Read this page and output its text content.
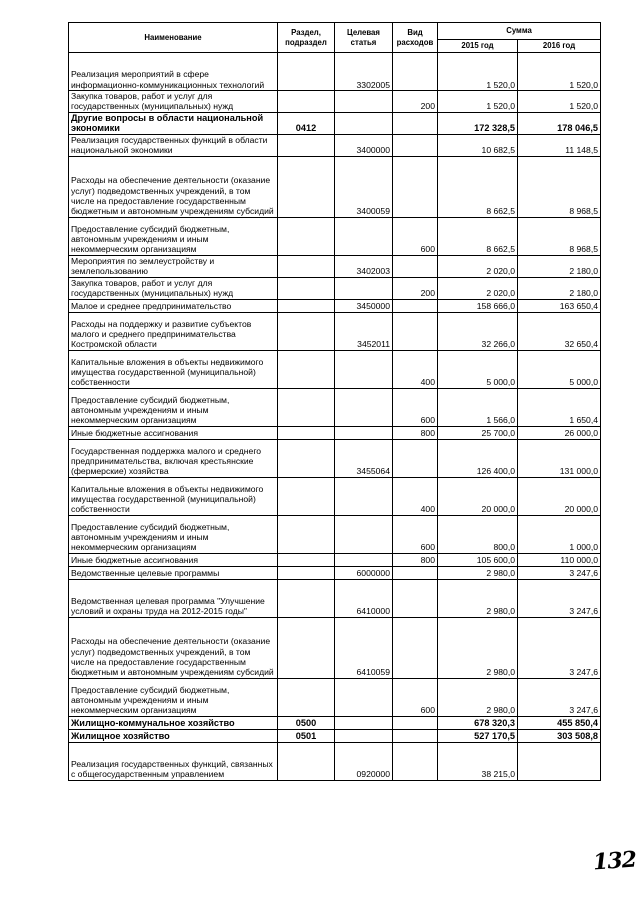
Наименование	Раздел, подраздел	Целевая статья	Вид расходов	Сумма	
				2015 год	2016 год
Реализация мероприятий в сфере информационно-коммуникационных технологий		3302005		1 520,0	1 520,0
Закупка товаров, работ и услуг для государственных (муниципальных) нужд			200	1 520,0	1 520,0
Другие вопросы в области национальной экономики	0412			172 328,5	178 046,5
Реализация государственных функций в области национальной экономики		3400000		10 682,5	11 148,5
Расходы на обеспечение деятельности (оказание услуг) подведомственных учреждений, в том числе на предоставление государственным бюджетным и автономным учреждениям субсидий		3400059		8 662,5	8 968,5
Предоставление субсидий бюджетным, автономным учреждениям и иным некоммерческим организациям			600	8 662,5	8 968,5
Мероприятия по землеустройству и землепользованию		3402003		2 020,0	2 180,0
Закупка товаров, работ и услуг для государственных (муниципальных) нужд			200	2 020,0	2 180,0
Малое и среднее предпринимательство		3450000		158 666,0	163 650,4
Расходы на поддержку и развитие субъектов малого и среднего предпринимательства Костромской области		3452011		32 266,0	32 650,4
Капитальные вложения в объекты недвижимого имущества государственной (муниципальной) собственности			400	5 000,0	5 000,0
Предоставление субсидий бюджетным, автономным учреждениям и иным некоммерческим организациям			600	1 566,0	1 650,4
Иные бюджетные ассигнования			800	25 700,0	26 000,0
Государственная поддержка малого и среднего предпринимательства, включая крестьянские (фермерские) хозяйства		3455064		126 400,0	131 000,0
Капитальные вложения в объекты недвижимого имущества государственной (муниципальной) собственности			400	20 000,0	20 000,0
Предоставление субсидий бюджетным, автономным учреждениям и иным некоммерческим организациям			600	800,0	1 000,0
Иные бюджетные ассигнования			800	105 600,0	110 000,0
Ведомственные целевые программы		6000000		2 980,0	3 247,6
Ведомственная целевая программа "Улучшение условий и охраны труда на 2012-2015 годы"		6410000		2 980,0	3 247,6
Расходы на обеспечение деятельности (оказание услуг) подведомственных учреждений, в том числе на предоставление государственным бюджетным и автономным учреждениям субсидий		6410059		2 980,0	3 247,6
Предоставление субсидий бюджетным, автономным учреждениям и иным некоммерческим организациям			600	2 980,0	3 247,6
Жилищно-коммунальное хозяйство	0500			678 320,3	455 850,4
Жилищное хозяйство	0501			527 170,5	303 508,8
Реализация государственных функций, связанных с общегосударственным управлением		0920000		38 215,0	
132
